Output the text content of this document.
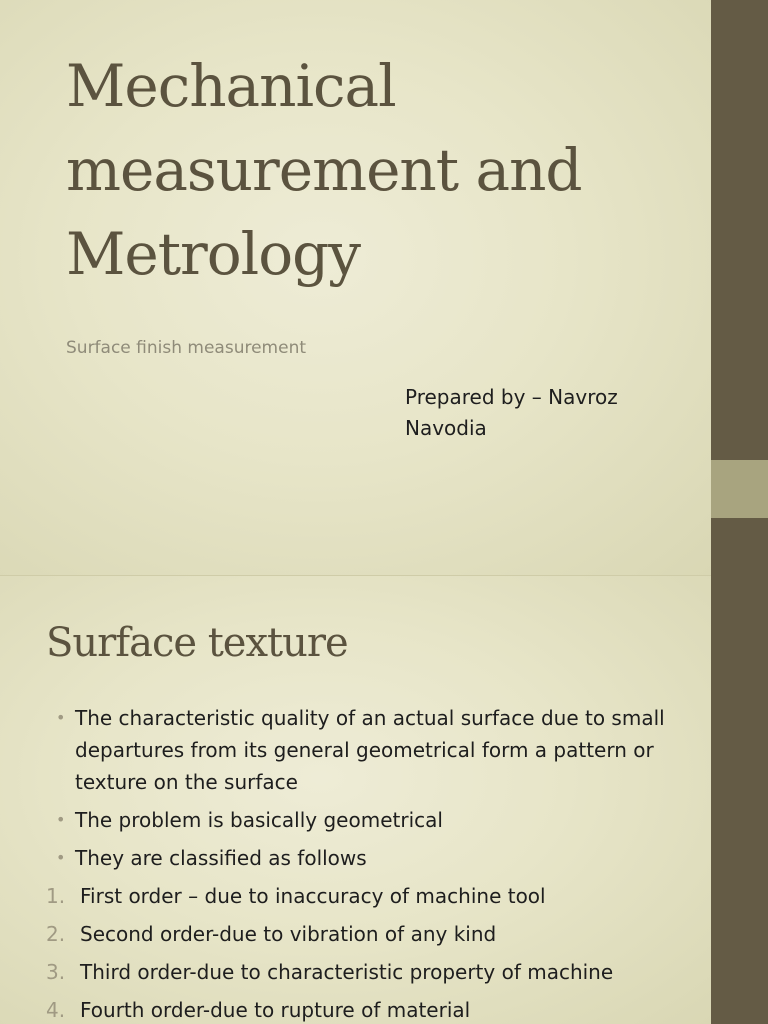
Mechanical measurement and Metrology
Surface finish measurement
Prepared by – Navroz Navodia
Surface texture
• The characteristic quality of an actual surface due to small departures from its general geometrical form a pattern or texture on the surface
• The problem is basically geometrical
• They are classified as follows
1. First order – due to inaccuracy of machine tool
2. Second order-due to vibration of any kind
3. Third order-due to characteristic property of machine
4. Fourth order-due to rupture of material
